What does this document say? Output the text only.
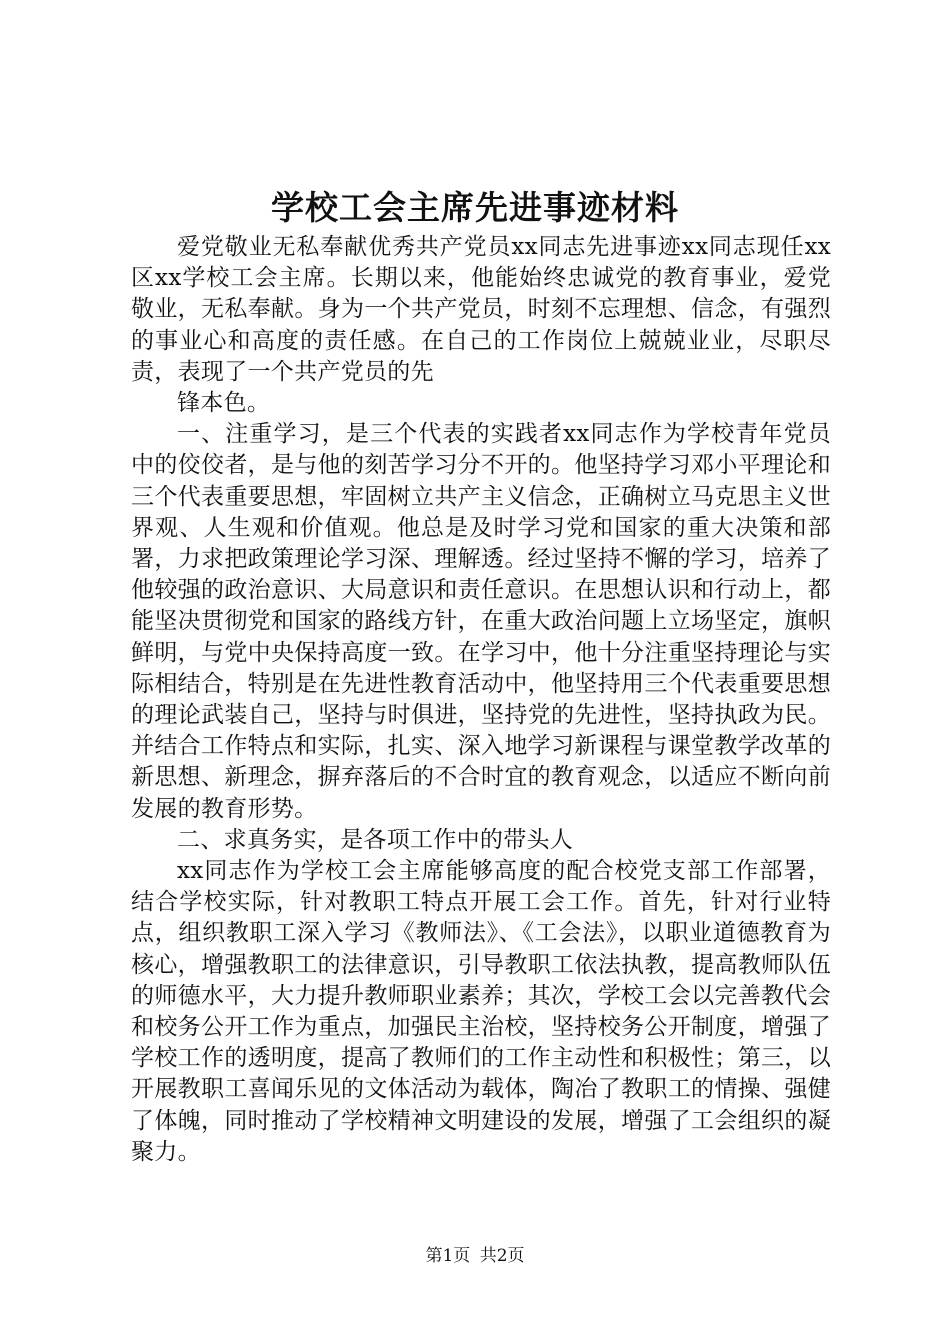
学校工会主席先进事迹材料

爱党敬业无私奉献优秀共产党员xx同志先进事迹xx同志现任xx区xx学校工会主席。长期以来，他能始终忠诚党的教育事业，爱党敬业，无私奉献。身为一个共产党员，时刻不忘理想、信念，有强烈的事业心和高度的责任感。在自己的工作岗位上兢兢业业，尽职尽责，表现了一个共产党员的先

锋本色。

一、注重学习，是三个代表的实践者xx同志作为学校青年党员中的佼佼者，是与他的刻苦学习分不开的。他坚持学习邓小平理论和三个代表重要思想，牢固树立共产主义信念，正确树立马克思主义世界观、人生观和价值观。他总是及时学习党和国家的重大决策和部署，力求把政策理论学习深、理解透。经过坚持不懈的学习，培养了他较强的政治意识、大局意识和责任意识。在思想认识和行动上，都能坚决贯彻党和国家的路线方针，在重大政治问题上立场坚定，旗帜鲜明，与党中央保持高度一致。在学习中，他十分注重坚持理论与实际相结合，特别是在先进性教育活动中，他坚持用三个代表重要思想的理论武装自己，坚持与时俱进，坚持党的先进性，坚持执政为民。并结合工作特点和实际，扎实、深入地学习新课程与课堂教学改革的新思想、新理念，摒弃落后的不合时宜的教育观念，以适应不断向前发展的教育形势。

二、求真务实，是各项工作中的带头人

xx同志作为学校工会主席能够高度的配合校党支部工作部署，结合学校实际，针对教职工特点开展工会工作。首先，针对行业特点，组织教职工深入学习《教师法》、《工会法》，以职业道德教育为核心，增强教职工的法律意识，引导教职工依法执教，提高教师队伍的师德水平，大力提升教师职业素养；其次，学校工会以完善教代会和校务公开工作为重点，加强民主治校，坚持校务公开制度，增强了学校工作的透明度，提高了教师们的工作主动性和积极性；第三，以开展教职工喜闻乐见的文体活动为载体，陶冶了教职工的情操、强健了体魄，同时推动了学校精神文明建设的发展，增强了工会组织的凝聚力。

第1页 共2页
